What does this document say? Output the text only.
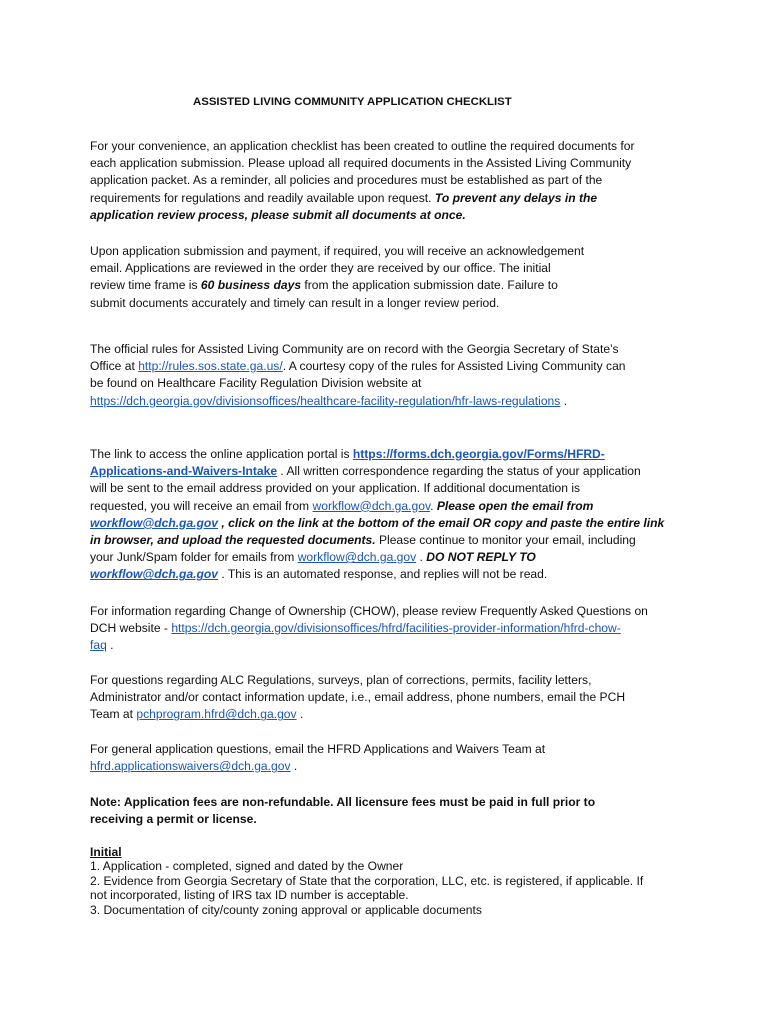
ASSISTED LIVING COMMUNITY APPLICATION CHECKLIST
For your convenience, an application checklist has been created to outline the required documents for
each application submission. Please upload all required documents in the Assisted Living Community
application packet. As a reminder, all policies and procedures must be established as part of the
requirements for regulations and readily available upon request. To prevent any delays in the
application review process, please submit all documents at once.
Upon application submission and payment, if required, you will receive an acknowledgement
email. Applications are reviewed in the order they are received by our office. The initial
review time frame is 60 business days from the application submission date. Failure to
submit documents accurately and timely can result in a longer review period.
The official rules for Assisted Living Community are on record with the Georgia Secretary of State’s
Office at http://rules.sos.state.ga.us/. A courtesy copy of the rules for Assisted Living Community can
be found on Healthcare Facility Regulation Division website at
https://dch.georgia.gov/divisionsoffices/healthcare-facility-regulation/hfr-laws-regulations .
The link to access the online application portal is https://forms.dch.georgia.gov/Forms/HFRD-
Applications-and-Waivers-Intake . All written correspondence regarding the status of your application
will be sent to the email address provided on your application. If additional documentation is
requested, you will receive an email from workflow@dch.ga.gov. Please open the email from
workflow@dch.ga.gov , click on the link at the bottom of the email OR copy and paste the entire link
in browser, and upload the requested documents. Please continue to monitor your email, including
your Junk/Spam folder for emails from workflow@dch.ga.gov . DO NOT REPLY TO
workflow@dch.ga.gov . This is an automated response, and replies will not be read.
For information regarding Change of Ownership (CHOW), please review Frequently Asked Questions on
DCH website - https://dch.georgia.gov/divisionsoffices/hfrd/facilities-provider-information/hfrd-chow-
faq .
For questions regarding ALC Regulations, surveys, plan of corrections, permits, facility letters,
Administrator and/or contact information update, i.e., email address, phone numbers, email the PCH
Team at pchprogram.hfrd@dch.ga.gov .
For general application questions, email the HFRD Applications and Waivers Team at
hfrd.applicationswaivers@dch.ga.gov .
Note: Application fees are non-refundable. All licensure fees must be paid in full prior to
receiving a permit or license.
Initial
1. Application - completed, signed and dated by the Owner
2. Evidence from Georgia Secretary of State that the corporation, LLC, etc. is registered, if applicable. If
not incorporated, listing of IRS tax ID number is acceptable.
3. Documentation of city/county zoning approval or applicable documents
